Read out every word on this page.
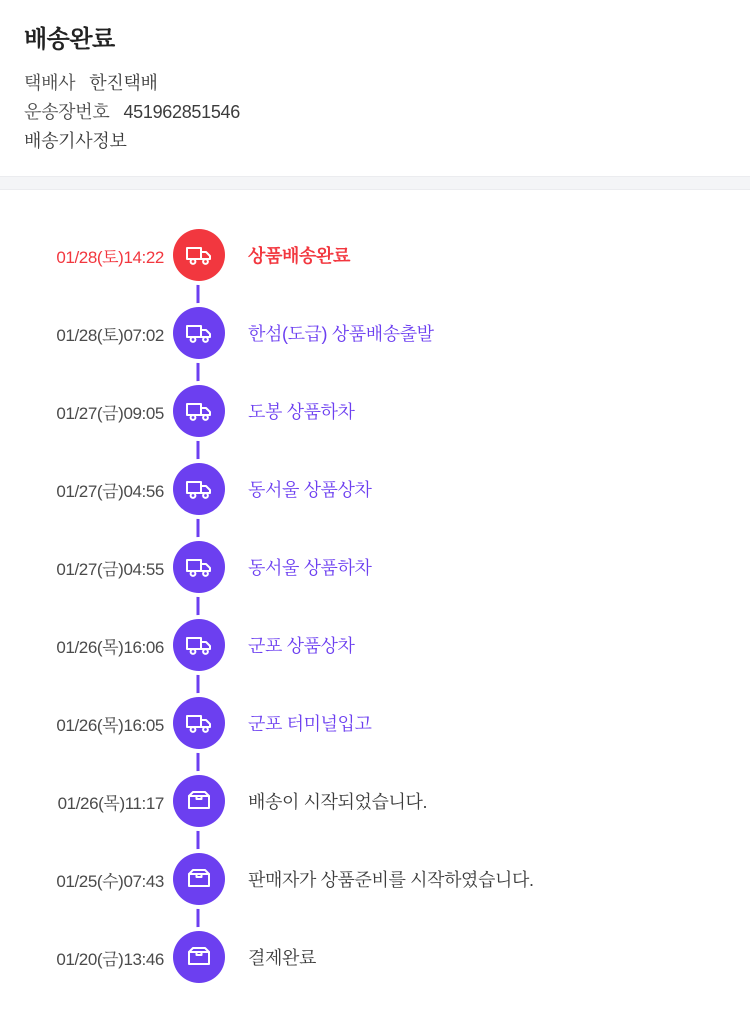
배송완료
택배사 한진택배
운송장번호 451962851546
배송기사정보
01/28(토)14:22	상품배송완료
01/28(토)07:02	한섬(도급) 상품배송출발
01/27(금)09:05	도봉 상품하차
01/27(금)04:56	동서울 상품상차
01/27(금)04:55	동서울 상품하차
01/26(목)16:06	군포 상품상차
01/26(목)16:05	군포 터미널입고
01/26(목)11:17	배송이 시작되었습니다.
01/25(수)07:43	판매자가 상품준비를 시작하였습니다.
01/20(금)13:46	결제완료
